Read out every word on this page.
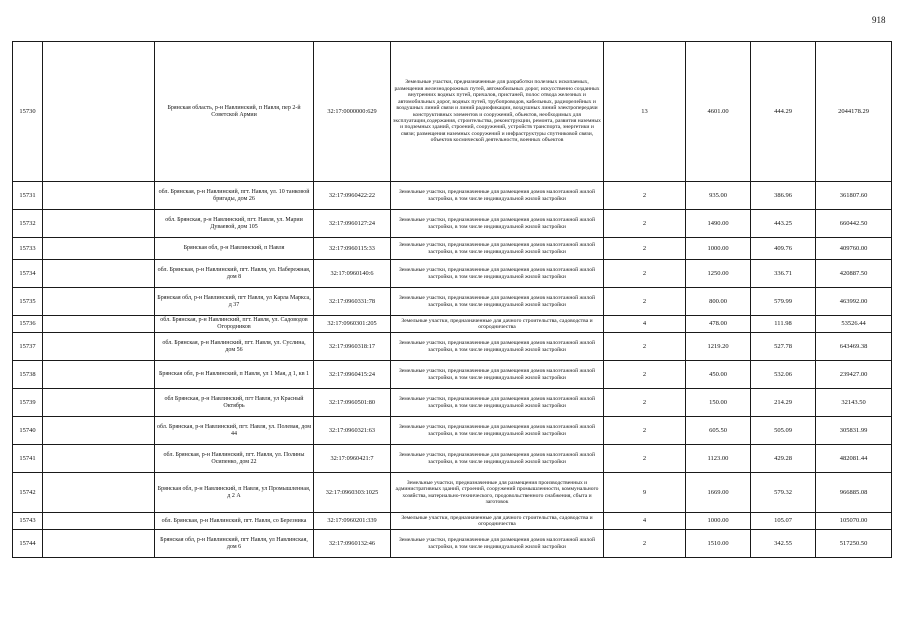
918
15730		Брянская область, р-н Навлинский, п Навля, пер 2-й Советской Армии	32:17:0000000:629	Земельные участки, предназначенные для разработки полезных ископаемых, размещения железнодорожных путей, автомобильных дорог, искусственно созданных внутренних водных путей, причалов, пристаней, полос отвода железных и автомобильных дорог, водных путей, трубопроводов, кабельных, радиорелейных и воздушных линий связи и линий радиофикации, воздушных линий электропередачи конструктивных элементов и сооружений, объектов, необходимых для эксплуатации,содержания, строительства, реконструкции, ремонта, развития наземных и подземных зданий, строений, сооружений, устройств транспорта, энергетики и связи; размещения наземных сооружений и инфраструктуры спутниковой связи, объектов космической деятельности, военных объектов	13	4601.00	444.29	2044178.29
15731		обл. Брянская, р-н Навлинский, пгт. Навля, ул. 10 танковой бригады, дом 26	32:17:0960422:22	Земельные участки, предназначенные для размещения домов малоэтажной жилой застройки, в том числе индивидуальной жилой застройки	2	935.00	386.96	361807.60
15732		обл. Брянская, р-н Навлинский, пгт. Навля, ул. Марии Дуваевой, дом 105	32:17:0960127:24	Земельные участки, предназначенные для размещения домов малоэтажной жилой застройки, в том числе индивидуальной жилой застройки	2	1490.00	443.25	660442.50
15733		Брянская обл, р-н Навлинский, п Навля	32:17:0960115:33	Земельные участки, предназначенные для размещения домов малоэтажной жилой застройки, в том числе индивидуальной жилой застройки	2	1000.00	409.76	409760.00
15734		обл. Брянская, р-н Навлинский, пгт. Навля, ул. Набережная, дом 8	32:17:0960140:6	Земельные участки, предназначенные для размещения домов малоэтажной жилой застройки, в том числе индивидуальной жилой застройки	2	1250.00	336.71	420887.50
15735		Брянская обл, р-н Навлинский, пгт Навля, ул Карла Маркса, д 37	32:17:0960331:78	Земельные участки, предназначенные для размещения домов малоэтажной жилой застройки, в том числе индивидуальной жилой застройки	2	800.00	579.99	463992.00
15736		обл. Брянская, р-н Навлинский, пгт. Навля, ул. Садоводов Огородников	32:17:0960301:205	Земельные участки, предназначенные для дачного строительства, садоводства и огородничества	4	478.00	111.98	53526.44
15737		обл. Брянская, р-н Навлинский, пгт. Навля, ул. Суслина, дом 56	32:17:0960318:17	Земельные участки, предназначенные для размещения домов малоэтажной жилой застройки, в том числе индивидуальной жилой застройки	2	1219.20	527.78	643469.38
15738		Брянская обл, р-н Навлинский, п Навля, ул 1 Мая, д 1, кв 1	32:17:0960415:24	Земельные участки, предназначенные для размещения домов малоэтажной жилой застройки, в том числе индивидуальной жилой застройки	2	450.00	532.06	239427.00
15739		обл Брянская, р-н Навлинский, пгт Навля, ул Красный Октябрь	32:17:0960501:80	Земельные участки, предназначенные для размещения домов малоэтажной жилой застройки, в том числе индивидуальной жилой застройки	2	150.00	214.29	32143.50
15740		обл. Брянская, р-н Навлинский, пгт. Навля, ул. Полевая, дом 44	32:17:0960321:63	Земельные участки, предназначенные для размещения домов малоэтажной жилой застройки, в том числе индивидуальной жилой застройки	2	605.50	505.09	305831.99
15741		обл. Брянская, р-н Навлинский, пгт. Навля, ул. Полины Осипенко, дом 22	32:17:0960421:7	Земельные участки, предназначенные для размещения домов малоэтажной жилой застройки, в том числе индивидуальной жилой застройки	2	1123.00	429.28	482081.44
15742		Брянская обл, р-н Навлинский, п Навля, ул Промышленная, д 2 А	32:17:0960303:1025	Земельные участки, предназначенные для размещения производственных и административных зданий, строений, сооружений промышленности, коммунального хозяйства, материально-технического, продовольственного снабжения, сбыта и заготовок	9	1669.00	579.32	966885.08
15743		обл. Брянская, р-н Навлинский, пгт. Навля, со Березника	32:17:0960201:339	Земельные участки, предназначенные для дачного строительства, садоводства и огородничества	4	1000.00	105.07	105070.00
15744		Брянская обл, р-н Навлинский, пгт Навля, ул Навлинская, дом 6	32:17:0960132:46	Земельные участки, предназначенные для размещения домов малоэтажной жилой застройки, в том числе индивидуальной жилой застройки	2	1510.00	342.55	517250.50
